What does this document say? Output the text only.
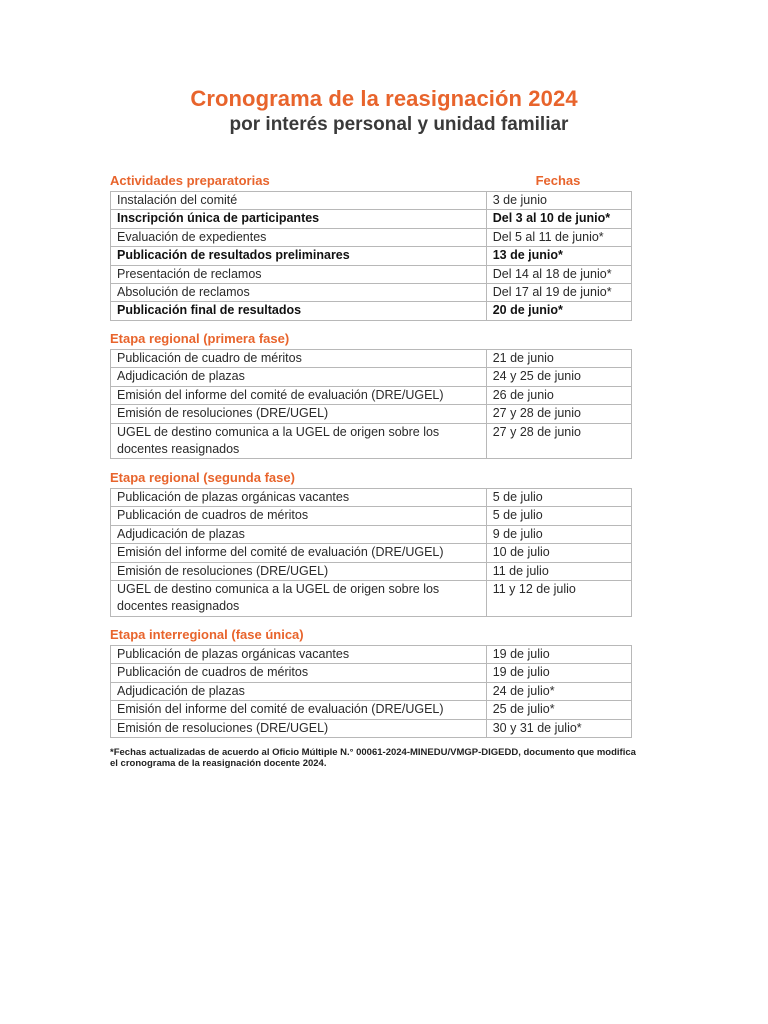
Cronograma de la reasignación 2024
por interés personal y unidad familiar
Actividades preparatorias	Fechas
Instalación del comité	3 de junio
Inscripción única de participantes	Del 3 al 10 de junio*
Evaluación de expedientes	Del 5 al 11 de junio*
Publicación de resultados preliminares	13 de junio*
Presentación de reclamos	Del 14 al 18 de junio*
Absolución de reclamos	Del 17 al 19 de junio*
Publicación final de resultados	20 de junio*
Etapa regional (primera fase)
Publicación de cuadro de méritos	21 de junio
Adjudicación de plazas	24 y 25 de junio
Emisión del informe del comité de evaluación (DRE/UGEL)	26 de junio
Emisión de resoluciones (DRE/UGEL)	27 y 28 de junio
UGEL de destino comunica a la UGEL de origen sobre los docentes reasignados	27 y 28 de junio
Etapa regional (segunda fase)
Publicación de plazas orgánicas vacantes	5 de julio
Publicación de cuadros de méritos	5 de julio
Adjudicación de plazas	9 de julio
Emisión del informe del comité de evaluación (DRE/UGEL)	10 de julio
Emisión de resoluciones (DRE/UGEL)	11 de julio
UGEL de destino comunica a la UGEL de origen sobre los docentes reasignados	11 y 12 de julio
Etapa interregional (fase única)
Publicación de plazas orgánicas vacantes	19 de julio
Publicación de cuadros de méritos	19 de julio
Adjudicación de plazas	24 de julio*
Emisión del informe del comité de evaluación (DRE/UGEL)	25 de julio*
Emisión de resoluciones (DRE/UGEL)	30 y 31 de julio*
*Fechas actualizadas de acuerdo al Oficio Múltiple N.° 00061-2024-MINEDU/VMGP-DIGEDD, documento que modifica el cronograma de la reasignación docente 2024.
